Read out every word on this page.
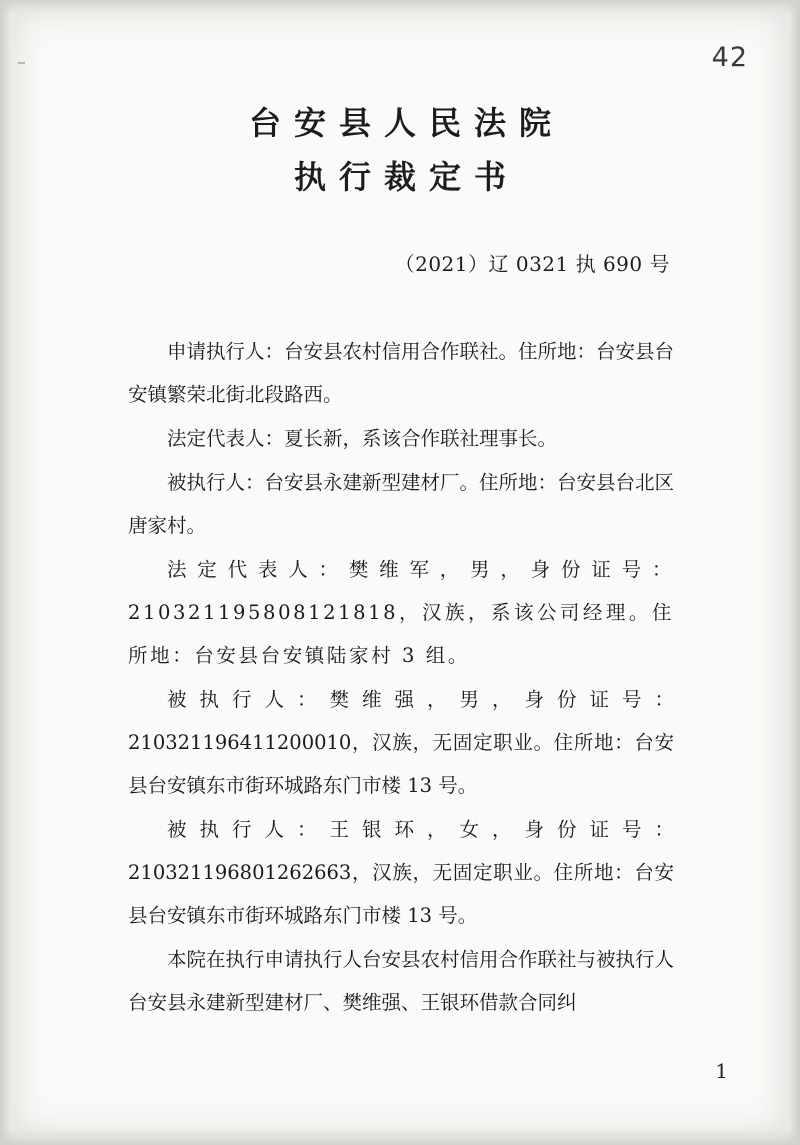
42
台安县人民法院
执行裁定书
（2021）辽 0321 执 690 号

申请执行人：台安县农村信用合作联社。住所地：台安县台安镇繁荣北街北段路西。

法定代表人：夏长新，系该合作联社理事长。

被执行人：台安县永建新型建材厂。住所地：台安县台北区唐家村。

法定代表人：樊维军，男，身份证号：210321195808121818，汉族，系该公司经理。住所地：台安县台安镇陆家村 3 组。

被执行人：樊维强，男，身份证号：210321196411200010，汉族，无固定职业。住所地：台安县台安镇东市街环城路东门市楼 13 号。

被执行人：王银环，女，身份证号：210321196801262663，汉族，无固定职业。住所地：台安县台安镇东市街环城路东门市楼 13 号。

本院在执行申请执行人台安县农村信用合作联社与被执行人台安县永建新型建材厂、樊维强、王银环借款合同纠

1
